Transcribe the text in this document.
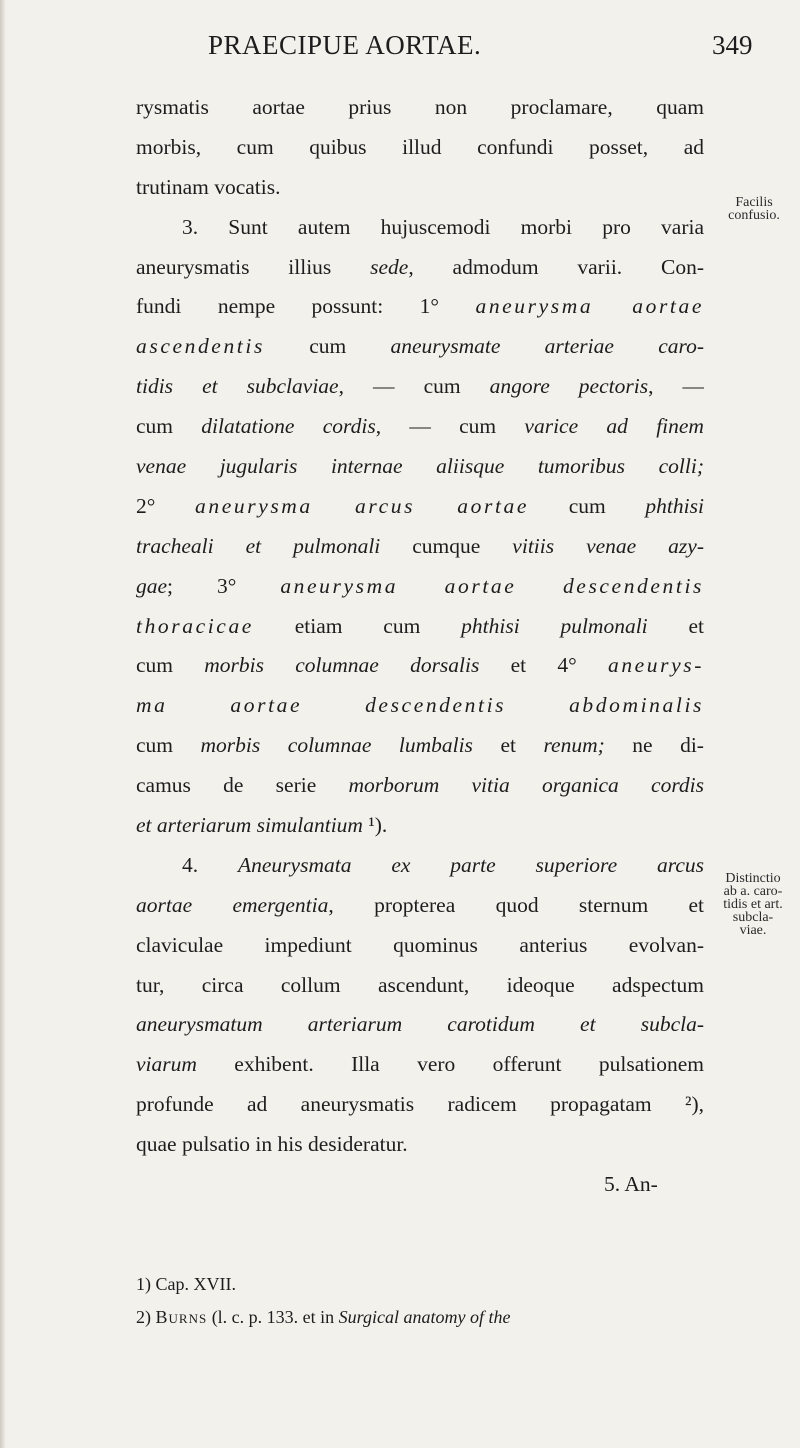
PRAECIPUE AORTAE.	349
rysmatis aortae prius non proclamare, quam
morbis, cum quibus illud confundi posset, ad
trutinam vocatis.
3. Sunt autem hujuscemodi morbi pro varia
aneurysmatis illius sede, admodum varii. Con-
fundi nempe possunt: 1° aneurysma aortae
ascendentis cum aneurysmate arteriae caro-
tidis et subclaviae, — cum angore pectoris, —
cum dilatatione cordis, — cum varice ad finem
venae jugularis internae aliisque tumoribus colli;
2° aneurysma arcus aortae cum phthisi
tracheali et pulmonali cumque vitiis venae azy-
gae; 3° aneurysma aortae descendentis
thoracicae etiam cum phthisi pulmonali et
cum morbis columnae dorsalis et 4° aneurys-
ma aortae descendentis abdominalis
cum morbis columnae lumbalis et renum; ne di-
camus de serie morborum vitia organica cordis
et arteriarum simulantium ¹).
4. Aneurysmata ex parte superiore arcus
aortae emergentia, propterea quod sternum et
claviculae impediunt quominus anterius evolvan-
tur, circa collum ascendunt, ideoque adspectum
aneurysmatum arteriarum carotidum et subcla-
viarum exhibent. Illa vero offerunt pulsationem
profunde ad aneurysmatis radicem propagatam ²),
quae pulsatio in his desideratur.
5. An-
Facilis
confusio.
Distinctio
ab a. caro-
tidis et art.
subcla-
viae.
1) Cap. XVII.
2) Burns (l. c. p. 133. et in Surgical anatomy of the
